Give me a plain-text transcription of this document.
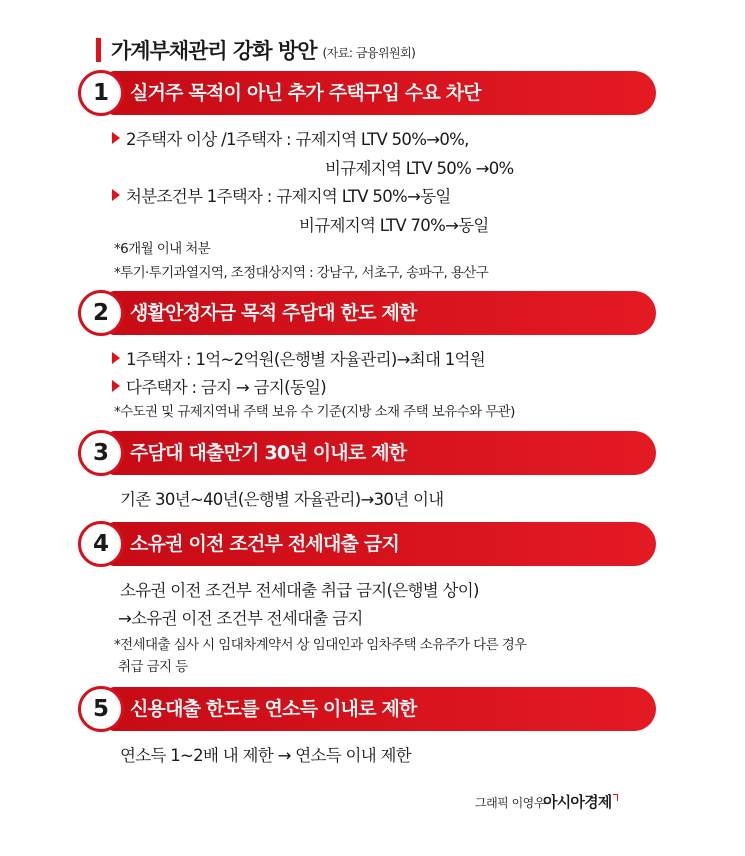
가계부채관리 강화 방안 (자료: 금융위원회)
1	실거주 목적이 아닌 추가 주택구입 수요 차단
2주택자 이상 /1주택자 : 규제지역 LTV 50%→0%,
비규제지역 LTV 50% →0%
처분조건부 1주택자 : 규제지역 LTV 50%→동일
비규제지역 LTV 70%→동일
*6개월 이내 처분
*투기·투기과열지역, 조정대상지역 : 강남구, 서초구, 송파구, 용산구
2	생활안정자금 목적 주담대 한도 제한
1주택자 : 1억~2억원(은행별 자율관리)→최대 1억원
다주택자 : 금지 → 금지(동일)
*수도권 및 규제지역내 주택 보유 수 기준(지방 소재 주택 보유수와 무관)
3	주담대 대출만기 30년 이내로 제한
기존 30년~40년(은행별 자율관리)→30년 이내
4	소유권 이전 조건부 전세대출 금지
소유권 이전 조건부 전세대출 취급 금지(은행별 상이)
→소유권 이전 조건부 전세대출 금지
*전세대출 심사 시 임대차계약서 상 임대인과 임차주택 소유주가 다른 경우
취급 금지 등
5	신용대출 한도를 연소득 이내로 제한
연소득 1~2배 내 제한 → 연소득 이내 제한
그래픽 이영우
아시아경제
